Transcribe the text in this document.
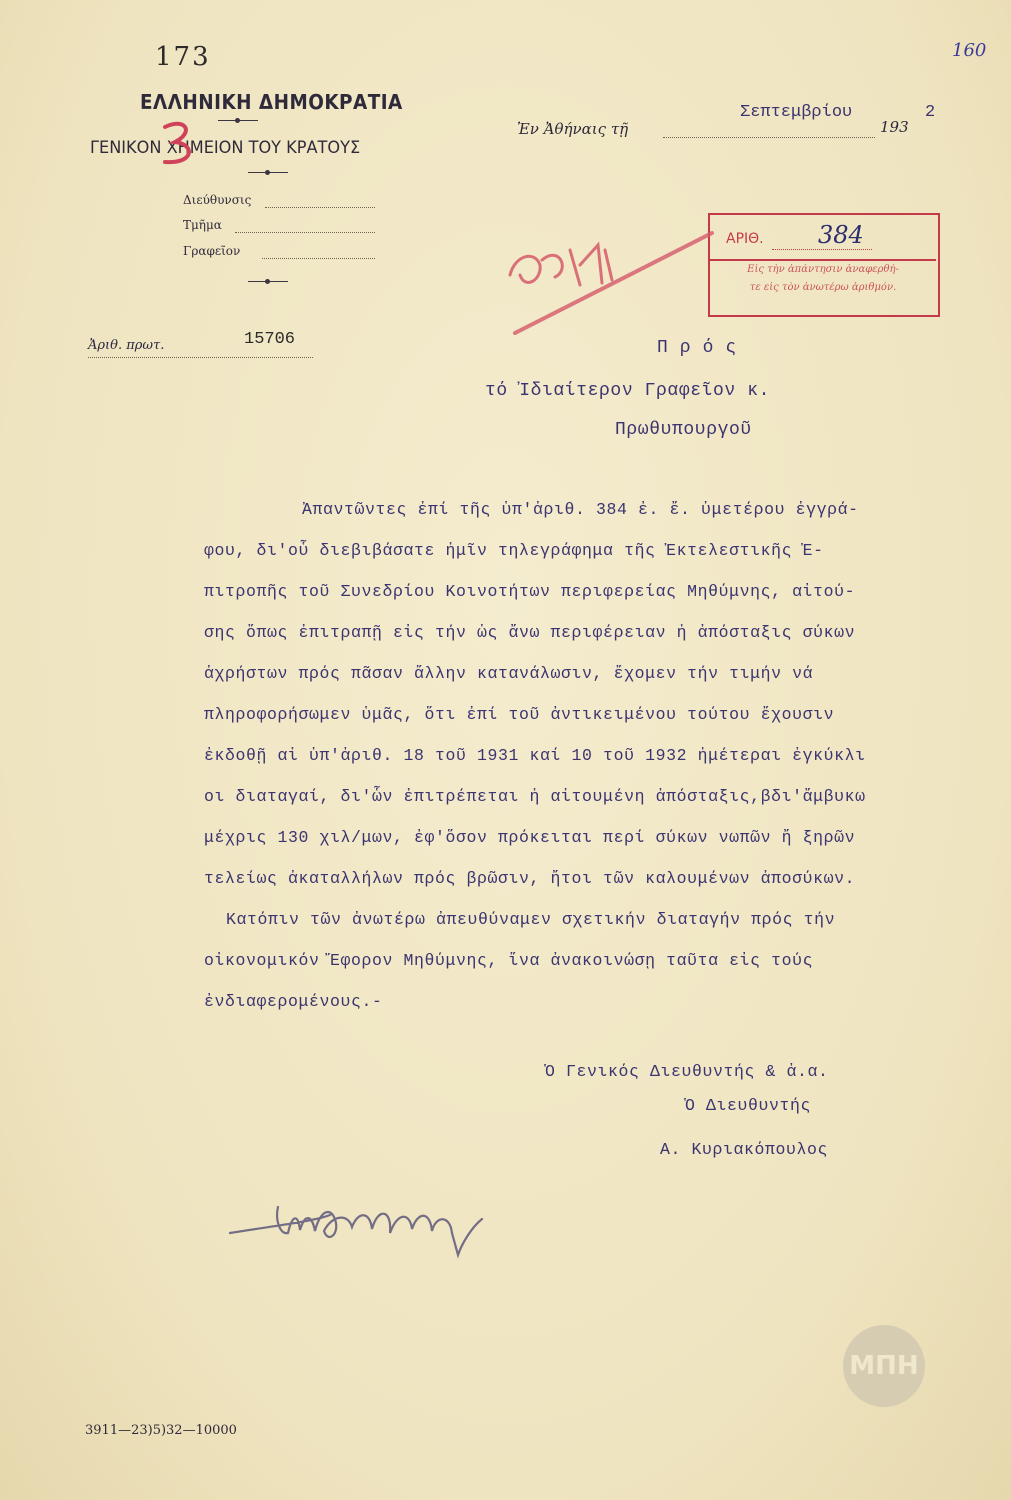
160
173
ΕΛΛΗΝΙΚΗ ΔΗΜΟΚΡΑΤΙΑ
ΓΕΝΙΚΟΝ ΧΗΜΕΙΟΝ ΤΟΥ ΚΡΑΤΟΥΣ
Διεύθυνσις
Τμῆμα
Γραφεῖον
Ἐν Ἀθήναις τῇ
Σεπτεμβρίου
193
2
ΑΡΙΘ. 384
Εἰς τὴν ἀπάντησιν ἀναφερθή-
τε εἰς τὸν ἀνωτέρω ἀριθμόν.
Ἀριθ. πρωτ.	15706	Π ρ ό ς
τό Ἰδιαίτερον Γραφεῖον κ.
Πρωθυπουργοῦ
Ἀπαντῶντες ἐπί τῆς ὑπ'ἀριθ. 384 ἐ. ἔ. ὑμετέρου ἐγγρά-
φου, δι'οὗ διεβιβάσατε ἡμῖν τηλεγράφημα τῆς Ἐκτελεστικῆς Ἐ-
πιτροπῆς τοῦ Συνεδρίου Κοινοτήτων περιφερείας Μηθύμνης, αἰτού-
σης ὅπως ἐπιτραπῇ εἰς τήν ὡς ἄνω περιφέρειαν ἡ ἀπόσταξις σύκων
ἀχρήστων πρός πᾶσαν ἄλλην κατανάλωσιν, ἔχομεν τήν τιμήν νά
πληροφορήσωμεν ὑμᾶς, ὅτι ἐπί τοῦ ἀντικειμένου τούτου ἔχουσιν
ἐκδοθῇ αἱ ὑπ'ἀριθ. 18 τοῦ 1931 καί 10 τοῦ 1932 ἡμέτεραι ἐγκύκλι
οι διαταγαί, δι'ὧν ἐπιτρέπεται ἡ αἰτουμένη ἀπόσταξις,βδι'ἄμβυκω
μέχρις 130 χιλ/μων, ἐφ'ὅσον πρόκειται περί σύκων νωπῶν ἤ ξηρῶν
τελείως ἀκαταλλήλων πρός βρῶσιν, ἤτοι τῶν καλουμένων ἀποσύκων.
Κατόπιν τῶν ἀνωτέρω ἀπευθύναμεν σχετικήν διαταγήν πρός τήν
οἰκονομικόν Ἔφορον Μηθύμνης, ἵνα ἀνακοινώσῃ ταῦτα εἰς τούς
ἐνδιαφερομένους.-
Ὁ Γενικός Διευθυντής & ἀ.α.
Ὁ Διευθυντής
Α. Κυριακόπουλος
ΜΠΗ
3911—23)5)32—10000
